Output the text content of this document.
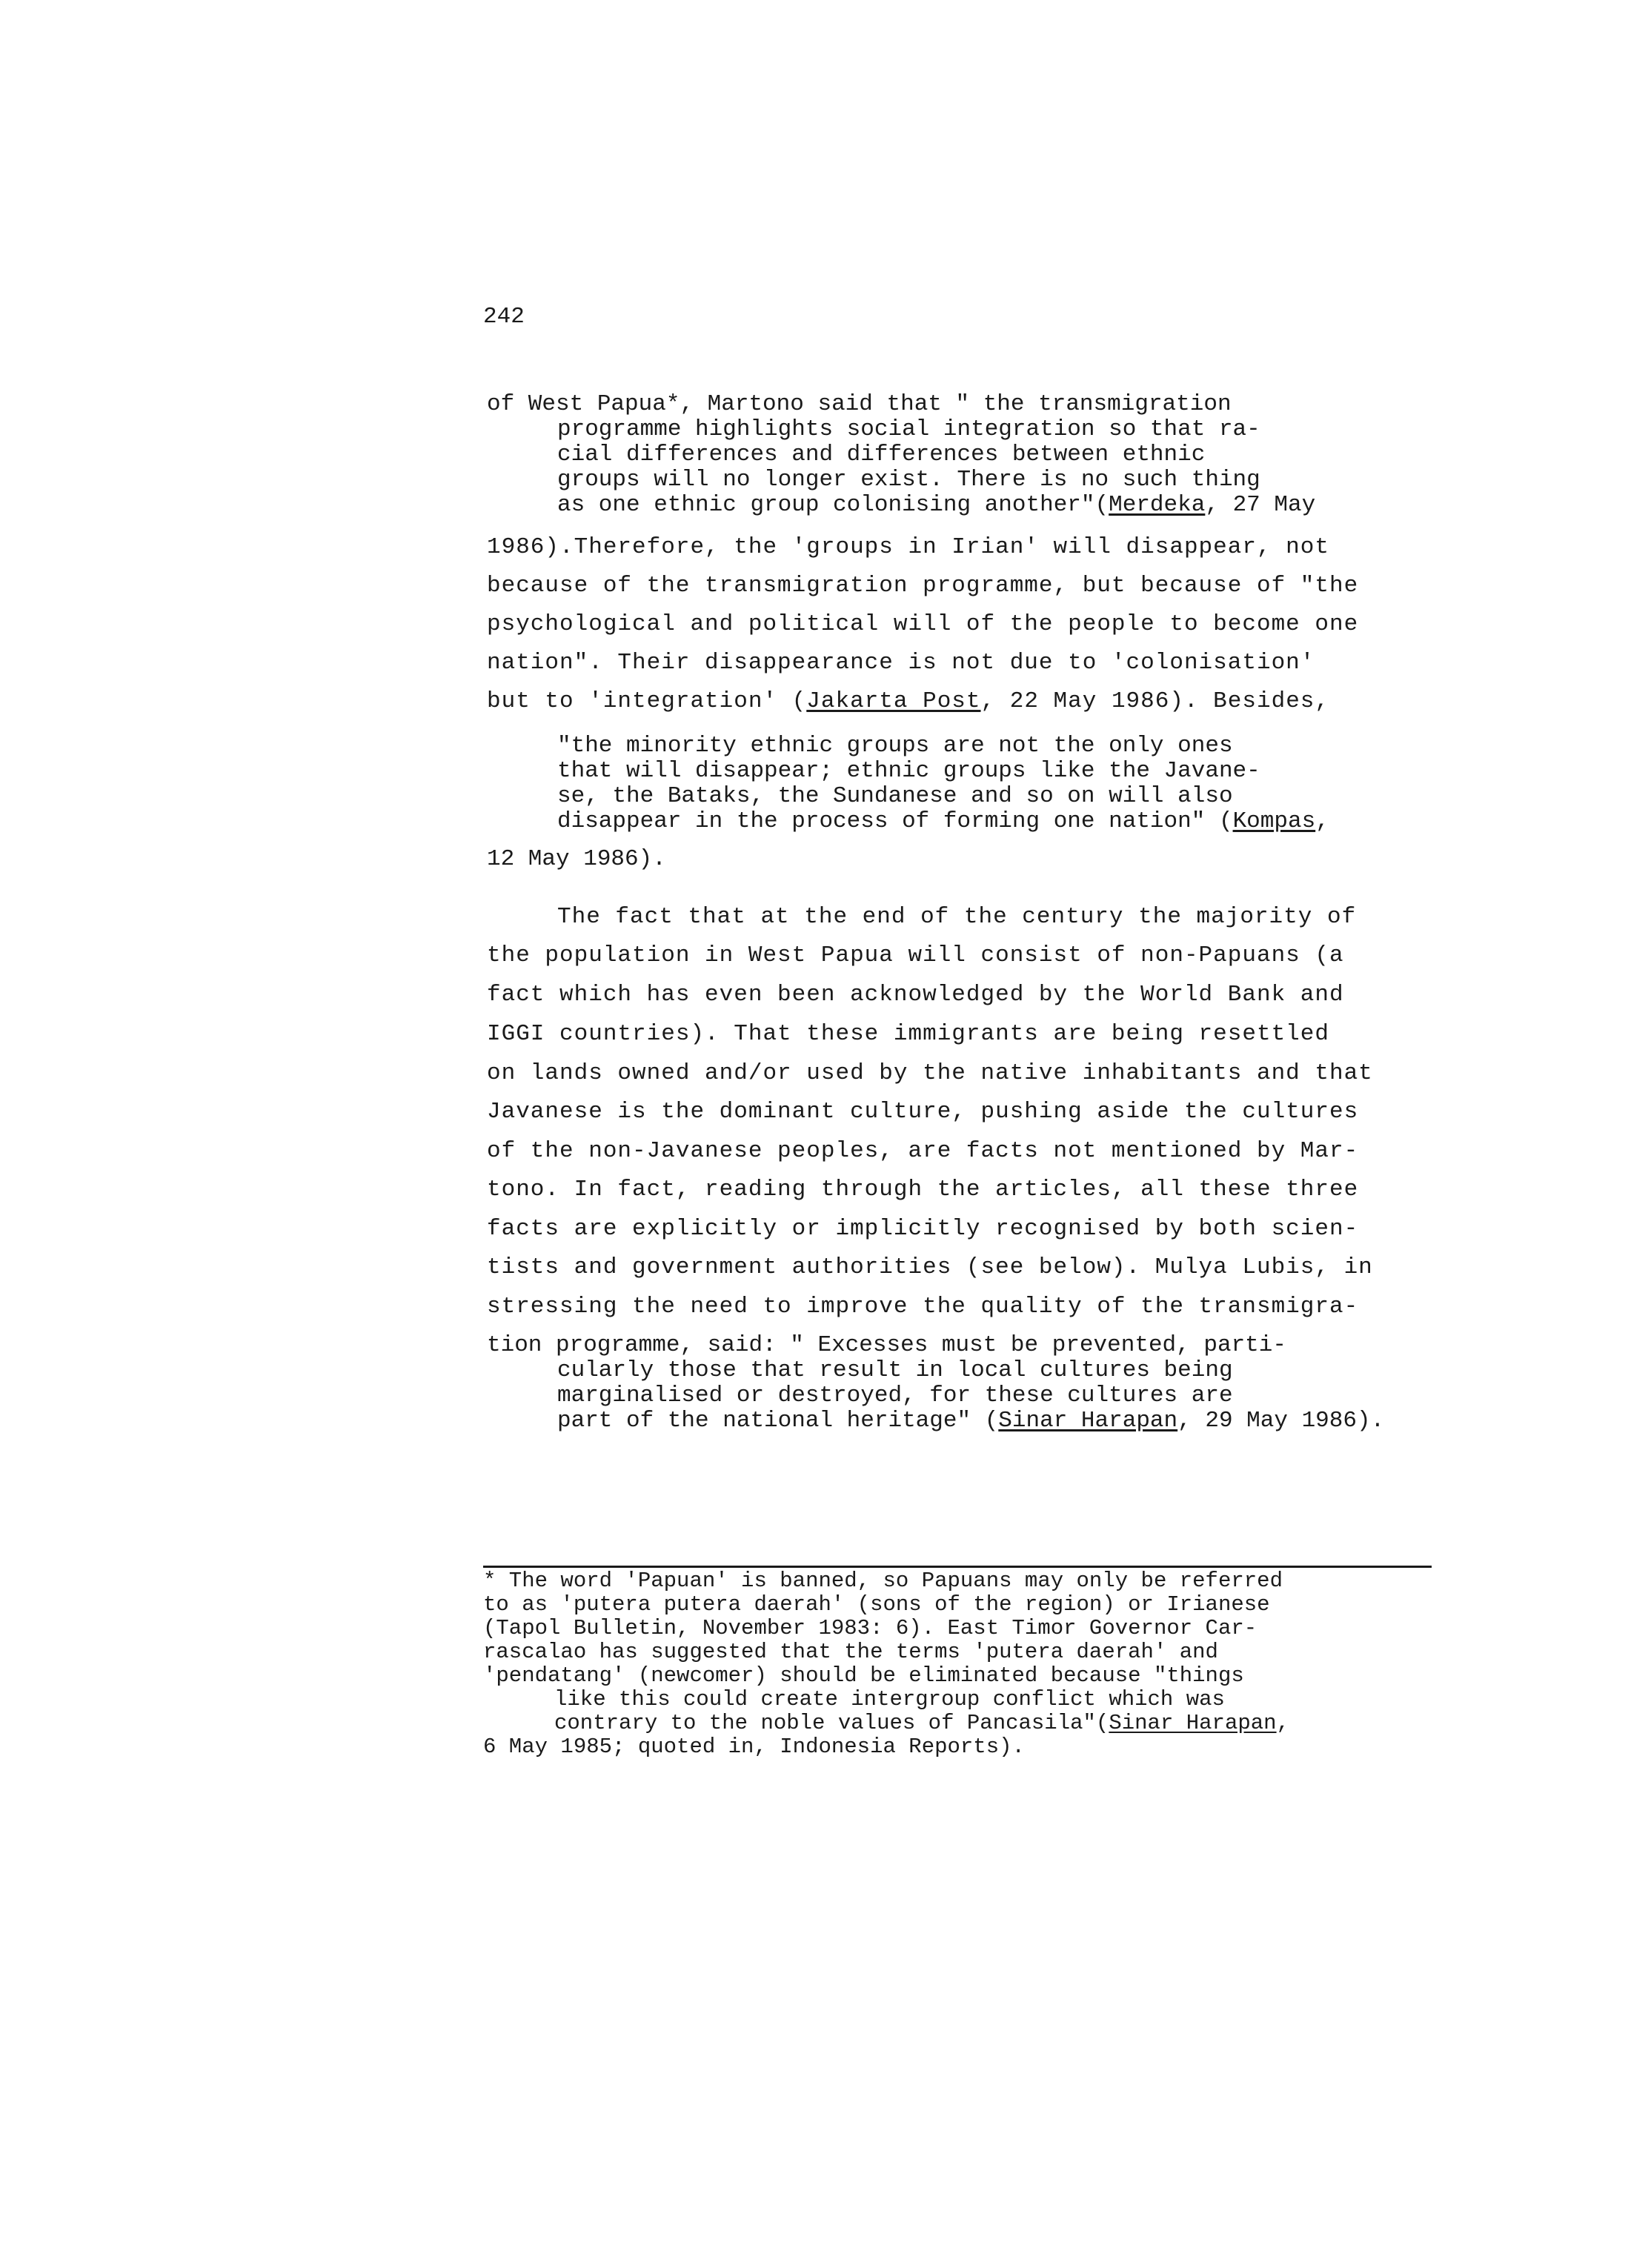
242
of West Papua*, Martono said that " the transmigration
programme highlights social integration so that ra-
cial differences and differences between ethnic
groups will no longer exist. There is no such thing
as one ethnic group colonising another"(Merdeka, 27 May
1986).Therefore, the 'groups in Irian' will disappear, not
because of the transmigration programme, but because of "the
psychological and political will of the people to become one
nation". Their disappearance is not due to 'colonisation'
but to 'integration' (Jakarta Post, 22 May 1986). Besides,
"the minority ethnic groups are not the only ones
that will disappear; ethnic groups like the Javane-
se, the Bataks, the Sundanese and so on will also
disappear in the process of forming one nation" (Kompas,
12 May 1986).
The fact that at the end of the century the majority of
the population in West Papua will consist of non-Papuans (a
fact which has even been acknowledged by the World Bank and
IGGI countries). That these immigrants are being resettled
on lands owned and/or used by the native inhabitants and that
Javanese is the dominant culture, pushing aside the cultures
of the non-Javanese peoples, are facts not mentioned by Mar-
tono. In fact, reading through the articles, all these three
facts are explicitly or implicitly recognised by both scien-
tists and government authorities (see below). Mulya Lubis, in
stressing the need to improve the quality of the transmigra-
tion programme, said: " Excesses must be prevented, parti-
cularly those that result in local cultures being
marginalised or destroyed, for these cultures are
part of the national heritage" (Sinar Harapan, 29 May 1986).
* The word 'Papuan' is banned, so Papuans may only be referred
to as 'putera putera daerah' (sons of the region) or Irianese
(Tapol Bulletin, November 1983: 6). East Timor Governor Car-
rascalao has suggested that the terms 'putera daerah' and
'pendatang' (newcomer) should be eliminated because "things
like this could create intergroup conflict which was
contrary to the noble values of Pancasila"(Sinar Harapan,
6 May 1985; quoted in, Indonesia Reports).
